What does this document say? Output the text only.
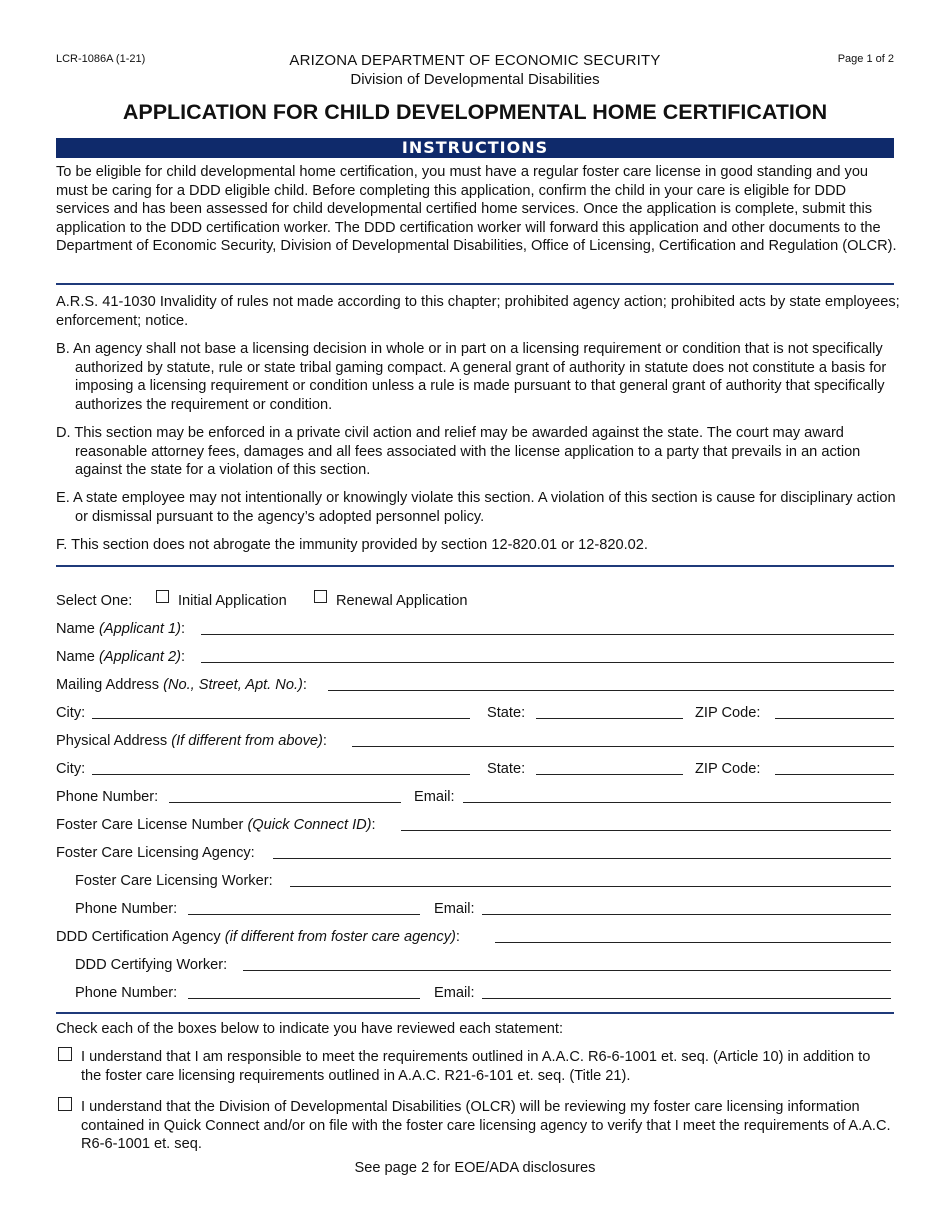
LCR-1086A (1-21)	ARIZONA DEPARTMENT OF ECONOMIC SECURITY
Division of Developmental Disabilities
Page 1 of 2
APPLICATION FOR CHILD DEVELOPMENTAL HOME CERTIFICATION
INSTRUCTIONS
To be eligible for child developmental home certification, you must have a regular foster care license in good standing and you must be caring for a DDD eligible child. Before completing this application, confirm the child in your care is eligible for DDD services and has been assessed for child developmental certified home services. Once the application is complete, submit this application to the DDD certification worker. The DDD certification worker will forward this application and other documents to the Department of Economic Security, Division of Developmental Disabilities, Office of Licensing, Certification and Regulation (OLCR).
A.R.S. 41-1030 Invalidity of rules not made according to this chapter; prohibited agency action; prohibited acts by state employees; enforcement; notice.
B. An agency shall not base a licensing decision in whole or in part on a licensing requirement or condition that is not specifically authorized by statute, rule or state tribal gaming compact. A general grant of authority in statute does not constitute a basis for imposing a licensing requirement or condition unless a rule is made pursuant to that general grant of authority that specifically authorizes the requirement or condition.
D. This section may be enforced in a private civil action and relief may be awarded against the state. The court may award reasonable attorney fees, damages and all fees associated with the license application to a party that prevails in an action against the state for a violation of this section.
E. A state employee may not intentionally or knowingly violate this section. A violation of this section is cause for disciplinary action or dismissal pursuant to the agency’s adopted personnel policy.
F. This section does not abrogate the immunity provided by section 12-820.01 or 12-820.02.
Select One:	Initial Application	Renewal Application
Name (Applicant 1):
Name (Applicant 2):
Mailing Address (No., Street, Apt. No.):
City:	State:	ZIP Code:
Physical Address (If different from above):
City:	State:	ZIP Code:
Phone Number:	Email:
Foster Care License Number (Quick Connect ID):
Foster Care Licensing Agency:
Foster Care Licensing Worker:
Phone Number:	Email:
DDD Certification Agency (if different from foster care agency):
DDD Certifying Worker:
Phone Number:	Email:
Check each of the boxes below to indicate you have reviewed each statement:
I understand that I am responsible to meet the requirements outlined in A.A.C. R6-6-1001 et. seq. (Article 10) in addition to the foster care licensing requirements outlined in A.A.C. R21-6-101 et. seq. (Title 21).
I understand that the Division of Developmental Disabilities (OLCR) will be reviewing my foster care licensing information contained in Quick Connect and/or on file with the foster care licensing agency to verify that I meet the requirements of A.A.C. R6-6-1001 et. seq.
See page 2 for EOE/ADA disclosures
